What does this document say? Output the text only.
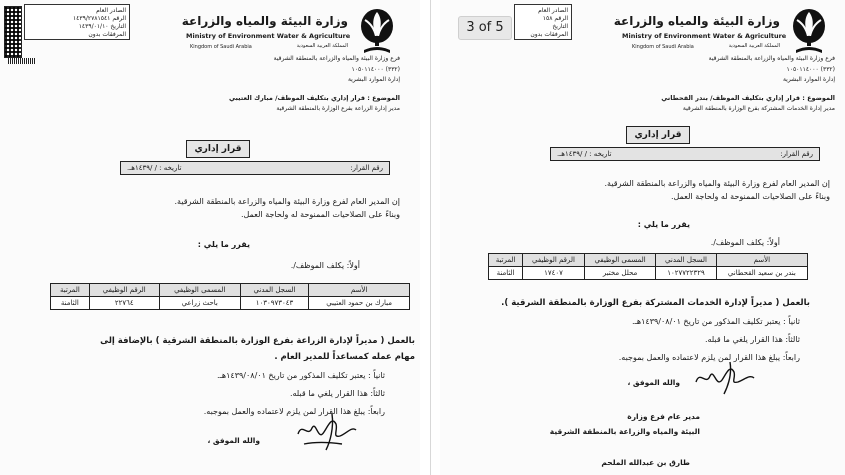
الصادر العام
الرقم ١٤٣٩/٢٧٨١٥٤١
التاريخ ١٤٣٩/٠١/١٠
المرفقات بدون
وزارة البيئة والمياه والزراعة
Ministry of Environment Water & Agriculture
Kingdom of Saudi Arabia	المملكة العربية السعودية
فرع وزارة البيئة والمياه والزراعة بالمنطقة الشرقية
(٣٣٢) ١٠٥٠١١٤٠٠٠
إدارة الموارد البشرية
الموضوع : قرار إداري بتكليف الموظف/ مبارك العتيبي
مدير إدارة الزراعة بفرع الوزارة بالمنطقة الشرقية
قرار إداري
رقم القرار:
تاريخه : / /١٤٣٩هـ.
إن المدير العام لفرع وزارة البيئة والمياه والزراعة بالمنطقة الشرقية.
وبناءً على الصلاحيات الممنوحة له ولحاجة العمل.
يقرر ما يلي :
أولاً: يكلف الموظف/.
الأسم	السجل المدني	المسمى الوظيفي	الرقم الوظيفي	المرتبة
مبارك بن حمود العتيبي	١٠٣٠٩٧٣٠٤٣	باحث زراعي	٢٢٧٦٤	الثامنة
بالعمل ( مديراً لإدارة الزراعة بفرع الوزارة بالمنطقة الشرقية ) بالإضافة إلى
مهام عمله كمساعداً للمدير العام .
ثانياً : يعتبر تكليف المذكور من تاريخ ١٤٣٩/٠٨/٠١هـ.
ثالثاً: هذا القرار يلغي ما قبله.
رابعاً: يبلغ هذا القرار لمن يلزم لاعتماده والعمل بموجبه.
والله الموفق ،
3 of 5
الصادر العام
الرقم ١٥٨
التاريخ
المرفقات بدون
وزارة البيئة والمياه والزراعة
Ministry of Environment Water & Agriculture
Kingdom of Saudi Arabia	المملكة العربية السعودية
فرع وزارة البيئة والمياه والزراعة بالمنطقة الشرقية
(٣٣٢) ١٠٥٠١١٤٠٠٠
إدارة الموارد البشرية
الموضوع : قرار إداري بتكليف الموظف/ بندر القحطاني
مدير إدارة الخدمات المشتركة بفرع الوزارة بالمنطقة الشرقية
قرار إداري
رقم القرار:
تاريخه : / /١٤٣٩هـ.
إن المدير العام لفرع وزارة البيئة والمياه والزراعة بالمنطقة الشرقية.
وبناءً على الصلاحيات الممنوحة له ولحاجة العمل.
يقرر ما يلي :
أولاً: يكلف الموظف/.
الأسم	السجل المدني	المسمى الوظيفي	الرقم الوظيفي	المرتبة
بندر بن سعيد القحطاني	١٠٢٧٧٢٢٣٢٩	محلل مختبر	١٧٤٠٧	الثامنة
بالعمل ( مديراً لإدارة الخدمات المشتركة بفرع الوزارة بالمنطقة الشرقية ).
ثانياً : يعتبر تكليف المذكور من تاريخ ١٤٣٩/٠٨/٠١هـ.
ثالثاً: هذا القرار يلغي ما قبله.
رابعاً: يبلغ هذا القرار لمن يلزم لاعتماده والعمل بموجبه.
والله الموفق ،
مدير عام فرع وزارة
البيئة والمياه والزراعة بالمنطقة الشرقية
طارق بن عبدالله الملحم
